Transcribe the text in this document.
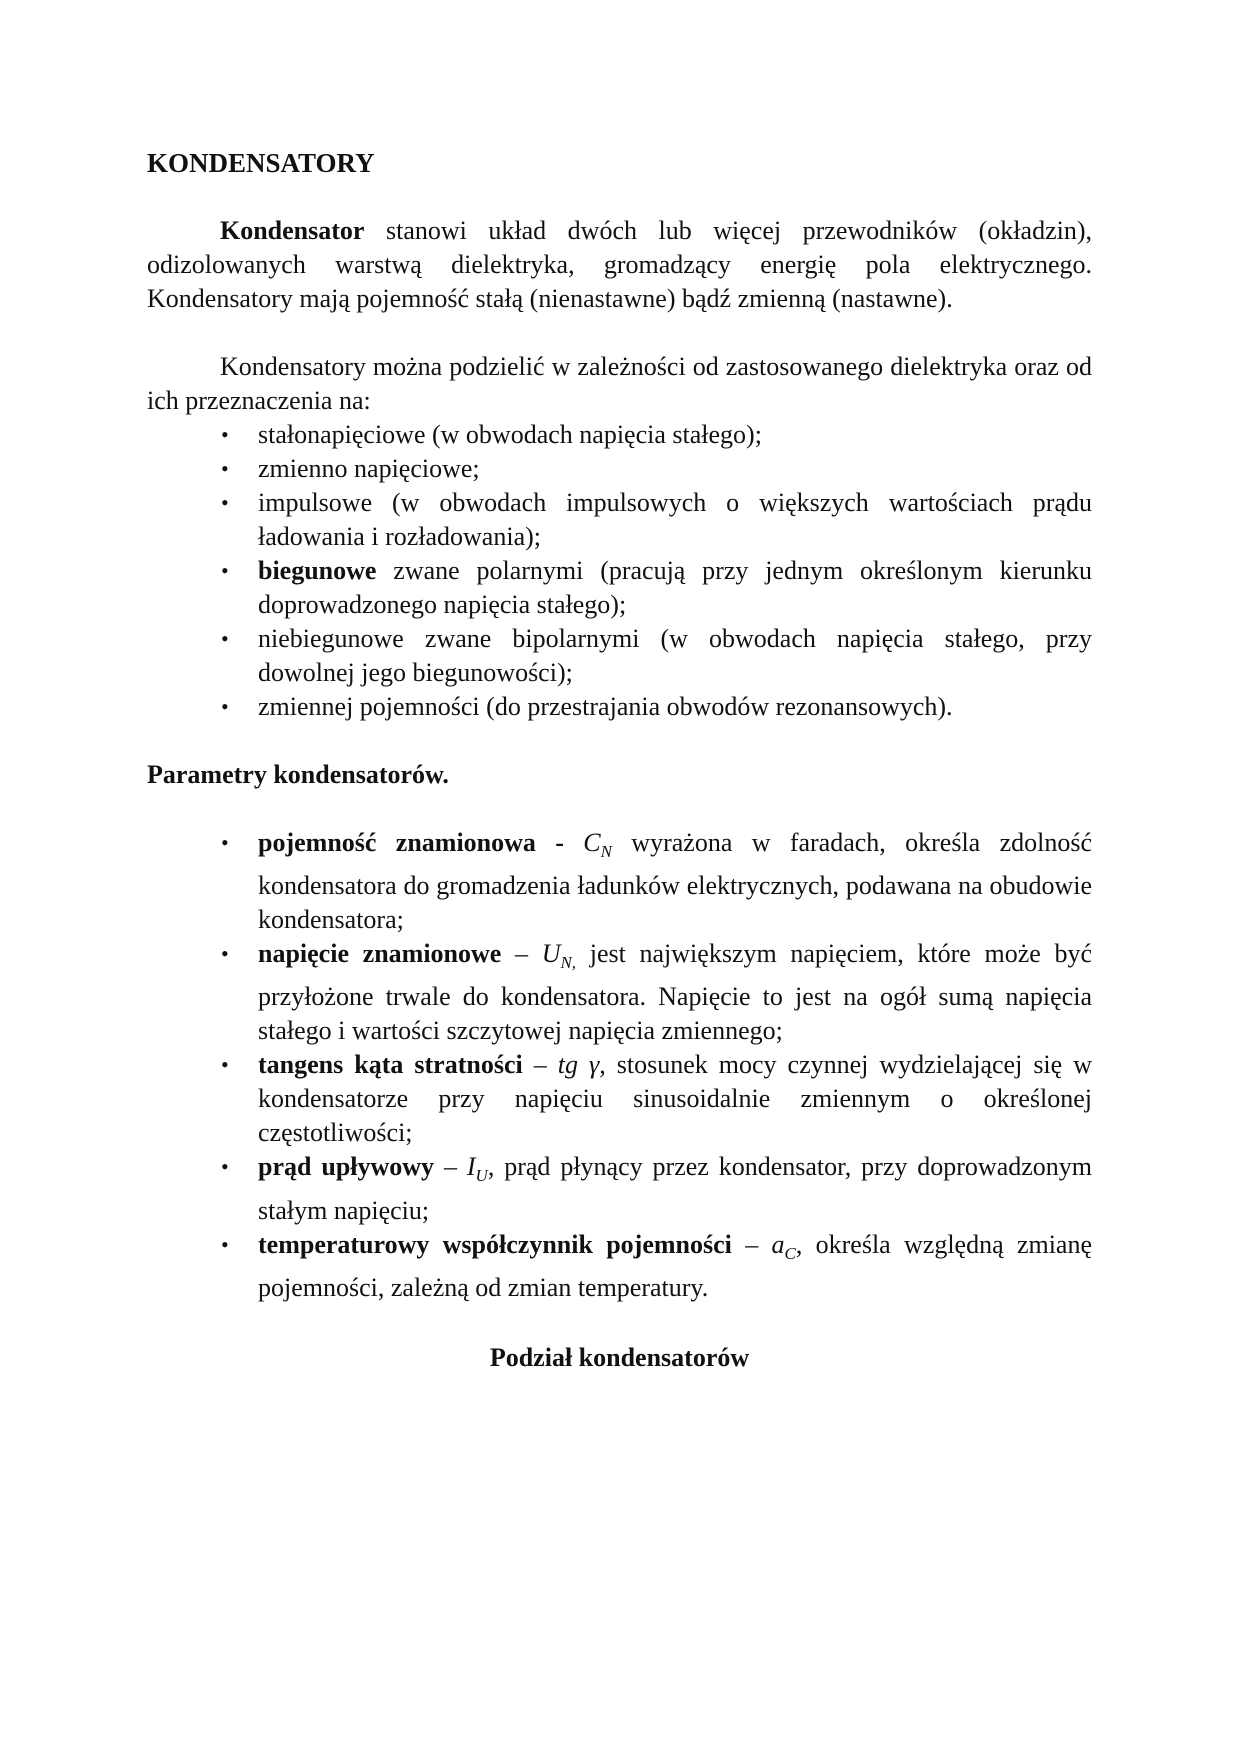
KONDENSATORY

Kondensator stanowi układ dwóch lub więcej przewodników (okładzin), odizolowanych warstwą dielektryka, gromadzący energię pola elektrycznego. Kondensatory mają pojemność stałą (nienastawne) bądź zmienną (nastawne).

Kondensatory można podzielić w zależności od zastosowanego dielektryka oraz od ich przeznaczenia na:

• stałonapięciowe (w obwodach napięcia stałego);
• zmienno napięciowe;
• impulsowe (w obwodach impulsowych o większych wartościach prądu ładowania i rozładowania);
• biegunowe zwane polarnymi (pracują przy jednym określonym kierunku doprowadzonego napięcia stałego);
• niebiegunowe zwane bipolarnymi (w obwodach napięcia stałego, przy dowolnej jego biegunowości);
• zmiennej pojemności (do przestrajania obwodów rezonansowych).

Parametry kondensatorów.

• pojemność znamionowa - $C_N$ wyrażona w faradach, określa zdolność kondensatora do gromadzenia ładunków elektrycznych, podawana na obudowie kondensatora;
• napięcie znamionowe – $U_{N,}$ jest największym napięciem, które może być przyłożone trwale do kondensatora. Napięcie to jest na ogół sumą napięcia stałego i wartości szczytowej napięcia zmiennego;
• tangens kąta stratności – tg γ, stosunek mocy czynnej wydzielającej się w kondensatorze przy napięciu sinusoidalnie zmiennym o określonej częstotliwości;
• prąd upływowy – $I_U$, prąd płynący przez kondensator, przy doprowadzonym stałym napięciu;
• temperaturowy współczynnik pojemności – $a_C$, określa względną zmianę pojemności, zależną od zmian temperatury.

Podział kondensatorów
